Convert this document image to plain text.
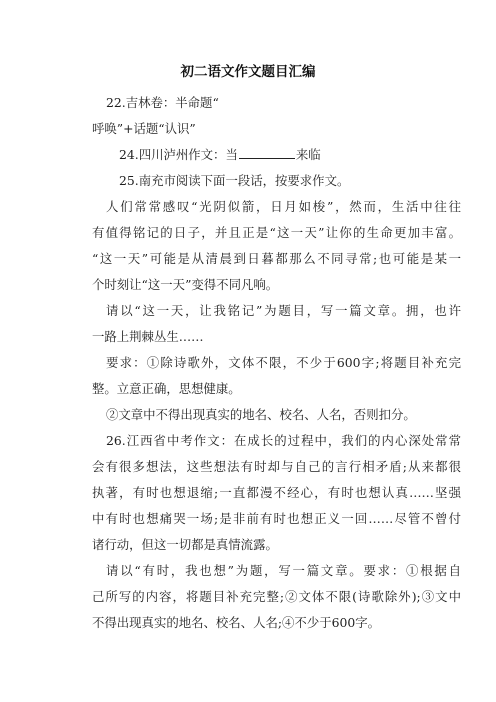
初二语文作文题目汇编
22.吉林卷：半命题“
呼唤”+话题“认识”
24.四川泸州作文：当	来临
25.南充市阅读下面一段话，按要求作文。
人们常常感叹“光阴似箭，日月如梭”，然而，生活中往往
有值得铭记的日子，并且正是“这一天”让你的生命更加丰富。
“这一天”可能是从清晨到日暮都那么不同寻常;也可能是某一
个时刻让“这一天”变得不同凡响。
请以“这一天，让我铭记”为题目，写一篇文章。拥，也许
一路上荆棘丛生……
要求：①除诗歌外，文体不限，不少于600字;将题目补充完
整。立意正确，思想健康。
②文章中不得出现真实的地名、校名、人名，否则扣分。
26.江西省中考作文：在成长的过程中，我们的内心深处常常
会有很多想法，这些想法有时却与自己的言行相矛盾;从来都很
执著，有时也想退缩;一直都漫不经心，有时也想认真……坚强
中有时也想痛哭一场;是非前有时也想正义一回……尽管不曾付
诸行动，但这一切都是真情流露。
请以“有时，我也想”为题，写一篇文章。要求：①根据自
己所写的内容，将题目补充完整;②文体不限(诗歌除外);③文中
不得出现真实的地名、校名、人名;④不少于600字。
